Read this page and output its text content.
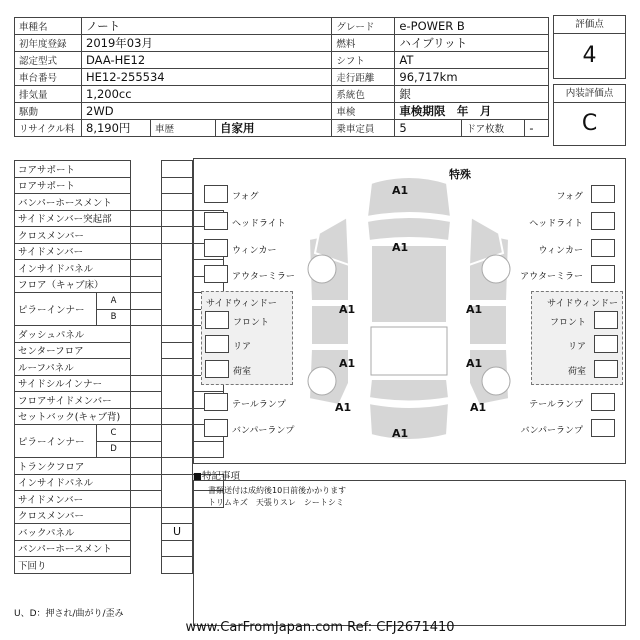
車種名	ノート			グレード	e-POWER B		
初年度登録	2019年03月			燃料	ハイブリット		
認定型式	DAA-HE12			シフト	AT		
車台番号	HE12-255534			走行距離	96,717km		
排気量	1,200cc			系統色	銀		
駆動	2WD			車検	車検期限　年　月		
リサイクル料	8,190円	車歴	自家用	乗車定員	5	ドア枚数	-
評価点
4
内装評価点
C
コアサポート				
ロアサポート				
バンパーホースメント				
サイドメンバー突起部				
クロスメンバー				
サイドメンバー				
インサイドパネル				
フロア（キャブ床）				
ピラーインナー	A			
	B			
ダッシュパネル				
センターフロア				
ルーフパネル				
サイドシルインナー				
フロアサイドメンバー				
セットバック(キャブ背)				
ピラーインナー	C			
	D			
トランクフロア				
インサイドパネル				
サイドメンバー				
クロスメンバー				
バックパネル			U	
バンパーホースメント				
下回り				
U、D：押され/曲がり/歪み
特殊
A1
A1
A1	A1
A1	A1
A1	A1
A1
フォグ
ヘッドライト
ウィンカー
アウターミラー
サイドウィンドー
フロント
リア
荷室
テールランプ
バンパーランプ
フォグ
ヘッドライト
ウィンカー
アウターミラー
サイドウィンドー
フロント
リア
荷室
テールランプ
バンパーランプ
■特記事項
書類送付は成約後10日前後かかります
トリムキズ　天張りスレ　シートシミ
www.CarFromJapan.com Ref: CFJ2671410
